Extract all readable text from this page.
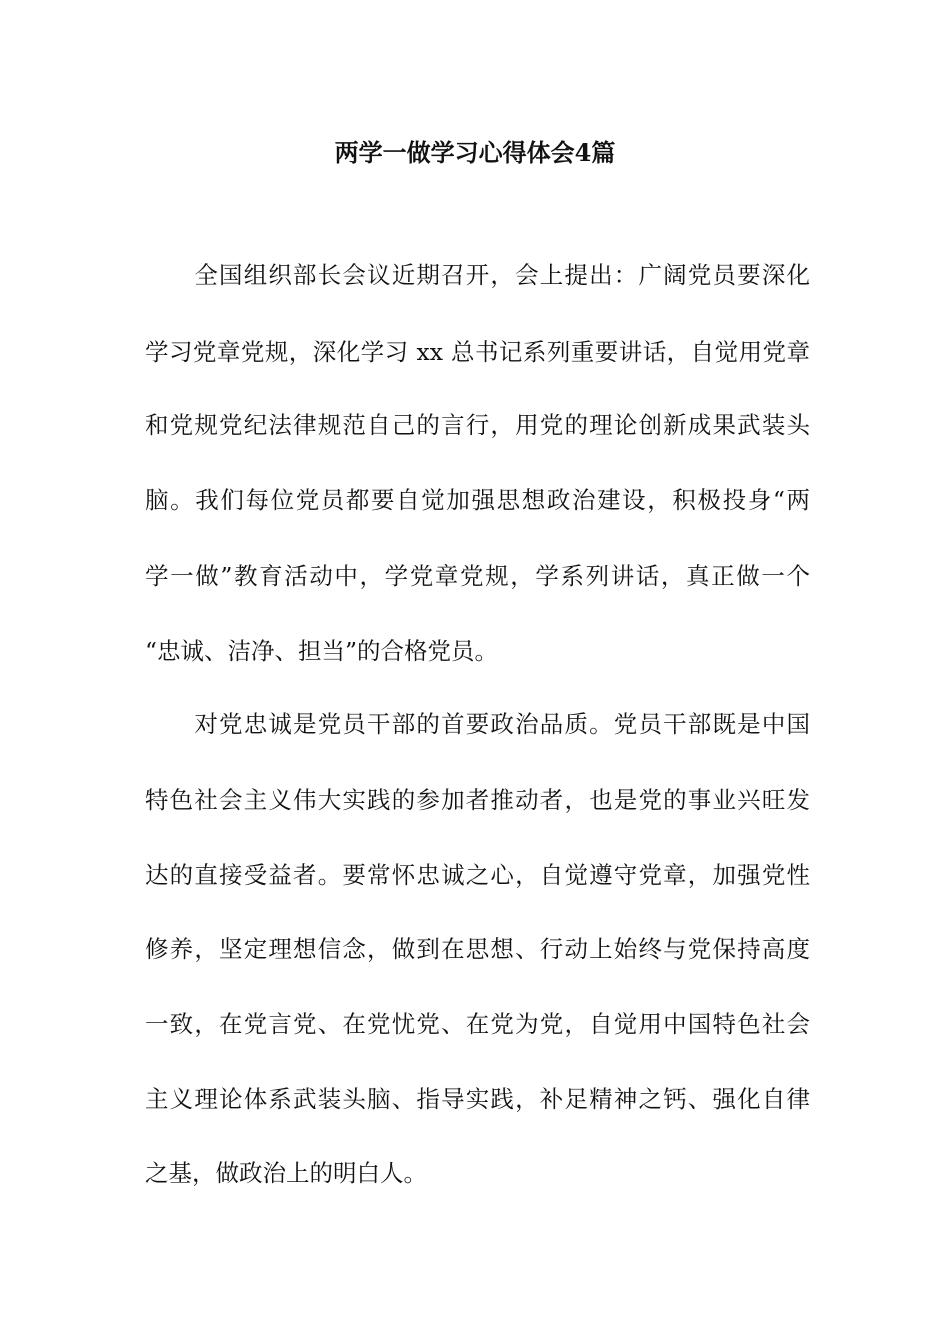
两学一做学习心得体会4篇
　　全国组织部长会议近期召开，会上提出：广阔党员要深化
学习党章党规，深化学习 xx 总书记系列重要讲话，自觉用党章
和党规党纪法律规范自己的言行，用党的理论创新成果武装头
脑。我们每位党员都要自觉加强思想政治建设，积极投身“两
学一做”教育活动中，学党章党规，学系列讲话，真正做一个
“忠诚、洁净、担当”的合格党员。
　　对党忠诚是党员干部的首要政治品质。党员干部既是中国
特色社会主义伟大实践的参加者推动者，也是党的事业兴旺发
达的直接受益者。要常怀忠诚之心，自觉遵守党章，加强党性
修养，坚定理想信念，做到在思想、行动上始终与党保持高度
一致，在党言党、在党忧党、在党为党，自觉用中国特色社会
主义理论体系武装头脑、指导实践，补足精神之钙、强化自律
之基，做政治上的明白人。
